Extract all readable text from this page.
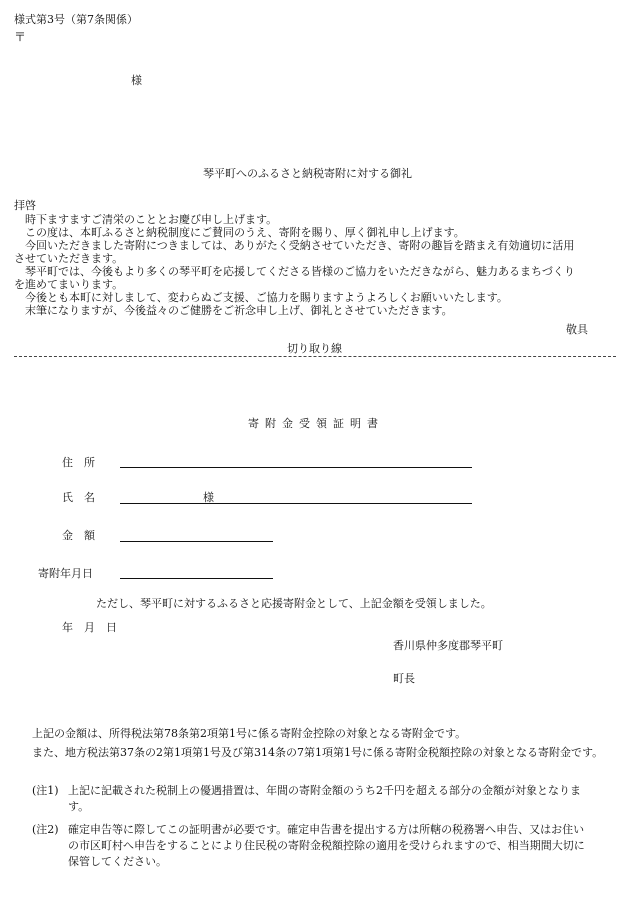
様式第3号（第7条関係）
〒
様
琴平町へのふるさと納税寄附に対する御礼
拝啓
　時下ますますご清栄のこととお慶び申し上げます。
　この度は、本町ふるさと納税制度にご賛同のうえ、寄附を賜り、厚く御礼申し上げます。
　今回いただきました寄附につきましては、ありがたく受納させていただき、寄附の趣旨を踏まえ有効適切に活用
させていただきます。
　琴平町では、今後もより多くの琴平町を応援してくださる皆様のご協力をいただきながら、魅力あるまちづくり
を進めてまいります。
　今後とも本町に対しまして、変わらぬご支援、ご協力を賜りますようよろしくお願いいたします。
　末筆になりますが、今後益々のご健勝をご祈念申し上げ、御礼とさせていただきます。
敬具
切り取り線
寄附金受領証明書
住　所
氏　名	様
金　額
寄附年月日
ただし、琴平町に対するふるさと応援寄附金として、上記金額を受領しました。
年　月　日
香川県仲多度郡琴平町
町長
上記の金額は、所得税法第78条第2項第1号に係る寄附金控除の対象となる寄附金です。
また、地方税法第37条の2第1項第1号及び第314条の7第1項第1号に係る寄附金税額控除の対象となる寄附金です。
(注1) 上記に記載された税制上の優遇措置は、年間の寄附金額のうち2千円を超える部分の金額が対象となりま
す。
(注2) 確定申告等に際してこの証明書が必要です。確定申告書を提出する方は所轄の税務署へ申告、又はお住い
の市区町村へ申告をすることにより住民税の寄附金税額控除の適用を受けられますので、相当期間大切に
保管してください。
